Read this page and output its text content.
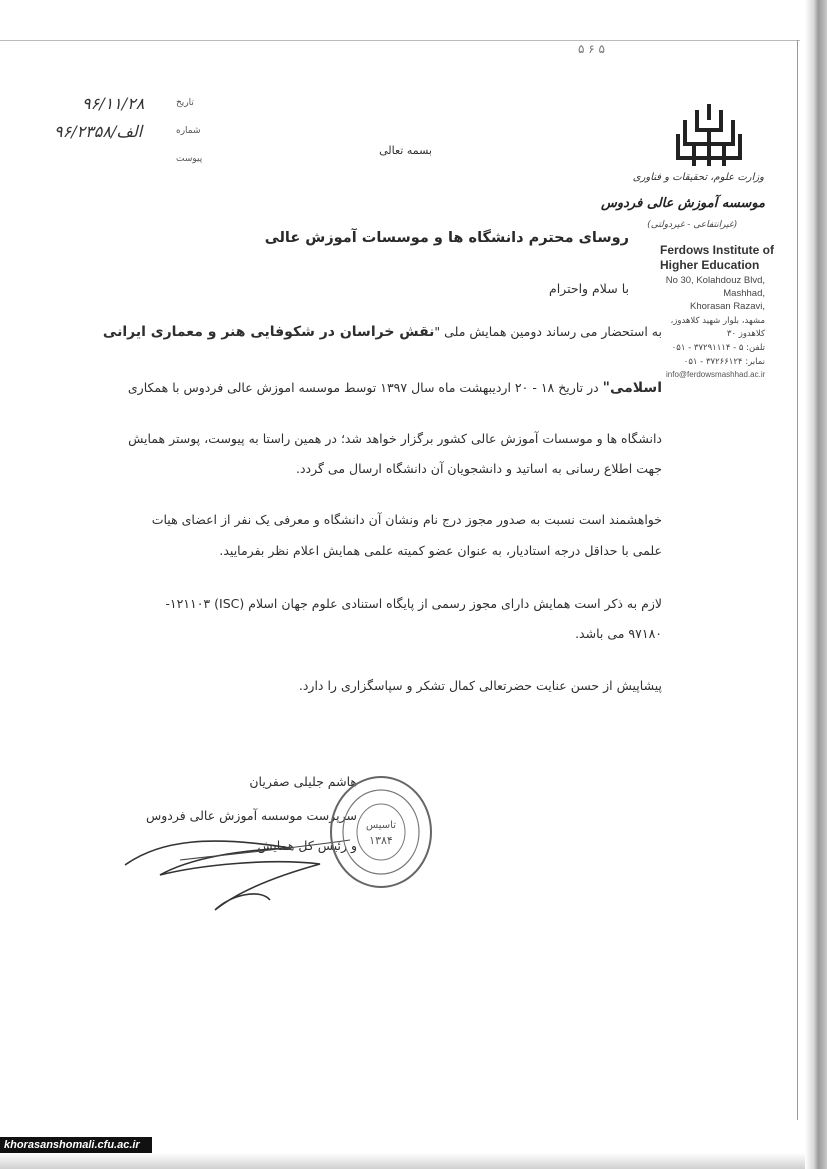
۵ ۶ ۵
۹۶/۱۱/۲۸	تاریخ
۹۶/الف/۲۳۵۸	شماره
پیوست
وزارت علوم، تحقیقات و فناوری
موسسه آموزش عالی فردوس
(غیرانتفاعی - غیردولتی)
Ferdows Institute of
Higher Education
No 30, Kolahdouz Blvd,
Mashhad,
Khorasan Razavi,
مشهد، بلوار شهید کلاهدوز،
کلاهدوز ۳۰
تلفن: ۵ - ۳۷۲۹۱۱۱۴ - ۰۵۱
نمابر: ۳۷۲۶۶۱۲۴ - ۰۵۱
info@ferdowsmashhad.ac.ir
بسمه تعالی
روسای محترم دانشگاه ها و موسسات آموزش عالی
با سلام واحترام
به استحضار می رساند دومین همایش ملی "نقش خراسان در شکوفایی هنر و معماری ایرانی
اسلامی" در تاریخ ۱۸ - ۲۰ اردیبهشت ماه سال ۱۳۹۷ توسط موسسه اموزش عالی فردوس با همکاری
دانشگاه ها و موسسات آموزش عالی کشور برگزار خواهد شد؛ در همین راستا به پیوست، پوستر همایش
جهت اطلاع رسانی به اساتید و دانشجویان آن دانشگاه ارسال می گردد.
خواهشمند است نسبت به صدور مجوز درج نام ونشان آن دانشگاه و معرفی یک نفر از اعضای هیات
علمی با حداقل درجه استادیار، به عنوان عضو کمیته علمی همایش اعلام نظر بفرمایید.
لازم به ذکر است همایش دارای مجوز رسمی از پایگاه استنادی علوم جهان اسلام (ISC) ۱۲۱۱۰۳-
۹۷۱۸۰ می باشد.
پیشاپیش از حسن عنایت حضرتعالی کمال تشکر و سپاسگزاری را دارد.
هاشم جلیلی صفریان
سرپرست موسسه آموزش عالی فردوس
و رئیس کل همایش
تاسیس
۱۳۸۴
khorasanshomali.cfu.ac.ir
